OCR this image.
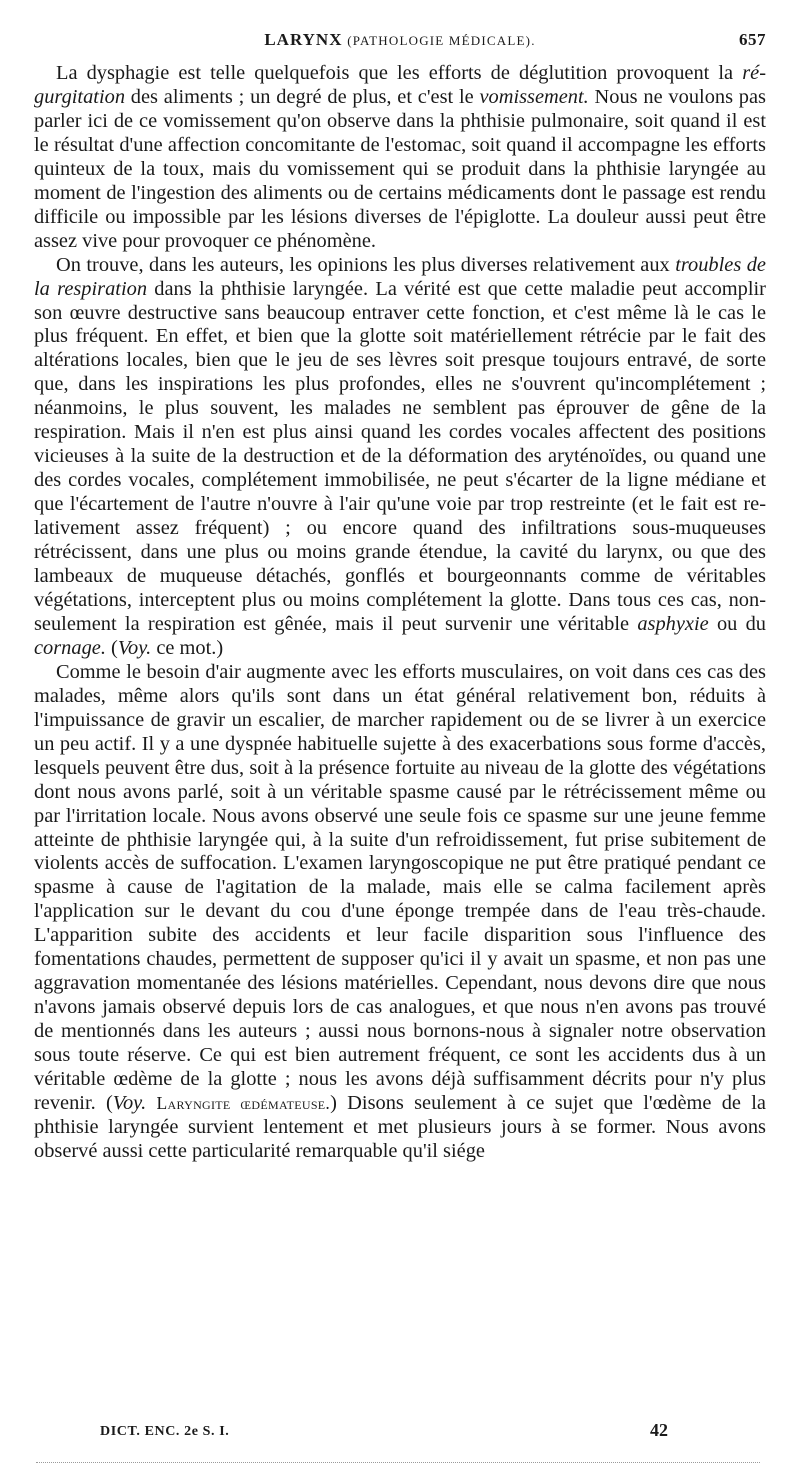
LARYNX (PATHOLOGIE MÉDICALE).	657

La dysphagie est telle quelquefois que les efforts de déglutition provoquent la régurgitation des aliments ; un degré de plus, et c'est le vomissement. Nous ne voulons pas parler ici de ce vomissement qu'on observe dans la phthisie pulmonaire, soit quand il est le résultat d'une affection concomitante de l'estomac, soit quand il accompagne les efforts quinteux de la toux, mais du vomissement qui se produit dans la phthisie laryngée au moment de l'ingestion des aliments ou de certains médicaments dont le passage est rendu difficile ou impossible par les lésions diverses de l'épiglotte. La douleur aussi peut être assez vive pour provoquer ce phénomène.

On trouve, dans les auteurs, les opinions les plus diverses relativement aux troubles de la respiration dans la phthisie laryngée. La vérité est que cette maladie peut accomplir son œuvre destructive sans beaucoup entraver cette fonction, et c'est même là le cas le plus fréquent. En effet, et bien que la glotte soit matériellement rétrécie par le fait des altérations locales, bien que le jeu de ses lèvres soit presque toujours entravé, de sorte que, dans les inspirations les plus profondes, elles ne s'ouvrent qu'incomplétement ; néanmoins, le plus souvent, les malades ne semblent pas éprouver de gêne de la respiration. Mais il n'en est plus ainsi quand les cordes vocales affectent des positions vicieuses à la suite de la destruction et de la déformation des aryténoïdes, ou quand une des cordes vocales, complétement immobilisée, ne peut s'écarter de la ligne médiane et que l'écartement de l'autre n'ouvre à l'air qu'une voie par trop restreinte (et le fait est relativement assez fréquent) ; ou encore quand des infiltrations sous-muqueuses rétrécissent, dans une plus ou moins grande étendue, la cavité du larynx, ou que des lambeaux de muqueuse détachés, gonflés et bourgeonnants comme de véritables végétations, interceptent plus ou moins complétement la glotte. Dans tous ces cas, non-seulement la respiration est gênée, mais il peut survenir une véritable asphyxie ou du cornage. (Voy. ce mot.)

Comme le besoin d'air augmente avec les efforts musculaires, on voit dans ces cas des malades, même alors qu'ils sont dans un état général relativement bon, réduits à l'impuissance de gravir un escalier, de marcher rapidement ou de se livrer à un exercice un peu actif. Il y a une dyspnée habituelle sujette à des exacerbations sous forme d'accès, lesquels peuvent être dus, soit à la présence fortuite au niveau de la glotte des végétations dont nous avons parlé, soit à un véritable spasme causé par le rétrécissement même ou par l'irritation locale. Nous avons observé une seule fois ce spasme sur une jeune femme atteinte de phthisie laryngée qui, à la suite d'un refroidissement, fut prise subitement de violents accès de suffocation. L'examen laryngoscopique ne put être pratiqué pendant ce spasme à cause de l'agitation de la malade, mais elle se calma facilement après l'application sur le devant du cou d'une éponge trempée dans de l'eau très-chaude. L'apparition subite des accidents et leur facile disparition sous l'influence des fomentations chaudes, permettent de supposer qu'ici il y avait un spasme, et non pas une aggravation momentanée des lésions matérielles. Cependant, nous devons dire que nous n'avons jamais observé depuis lors de cas analogues, et que nous n'en avons pas trouvé de mentionnés dans les auteurs ; aussi nous bornons-nous à signaler notre observation sous toute réserve. Ce qui est bien autrement fréquent, ce sont les accidents dus à un véritable œdème de la glotte ; nous les avons déjà suffisamment décrits pour n'y plus revenir. (Voy. Laryngite œdémateuse.) Disons seulement à ce sujet que l'œdème de la phthisie laryngée survient lentement et met plusieurs jours à se former. Nous avons observé aussi cette particularité remarquable qu'il siége

DICT. ENC. 2e S. I.	42
